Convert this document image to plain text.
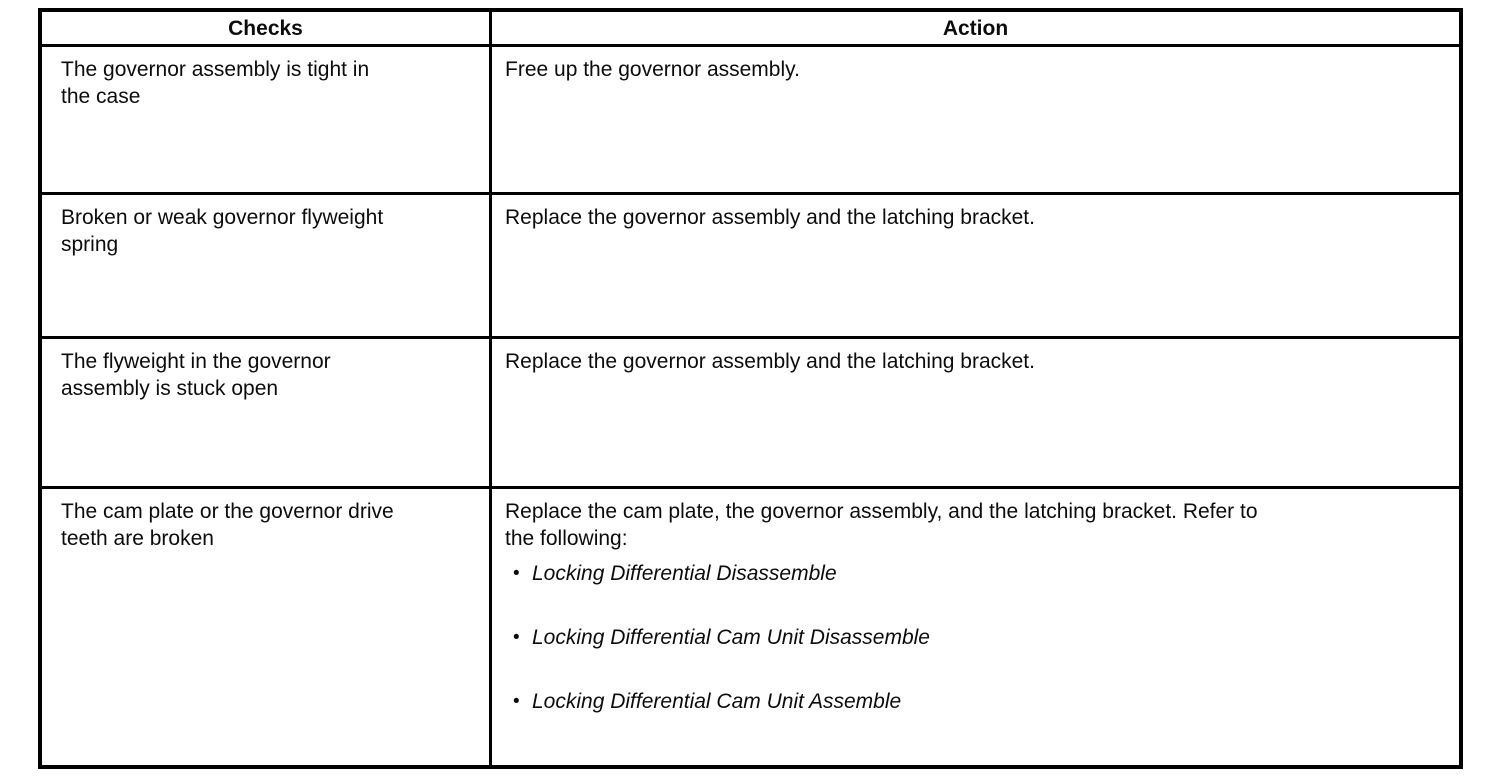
Checks	Action
The governor assembly is tight in
the case
Free up the governor assembly.
Broken or weak governor flyweight
spring
Replace the governor assembly and the latching bracket.
The flyweight in the governor
assembly is stuck open
Replace the governor assembly and the latching bracket.
The cam plate or the governor drive
teeth are broken
Replace the cam plate, the governor assembly, and the latching bracket. Refer to
the following:
• Locking Differential Disassemble
• Locking Differential Cam Unit Disassemble
• Locking Differential Cam Unit Assemble
